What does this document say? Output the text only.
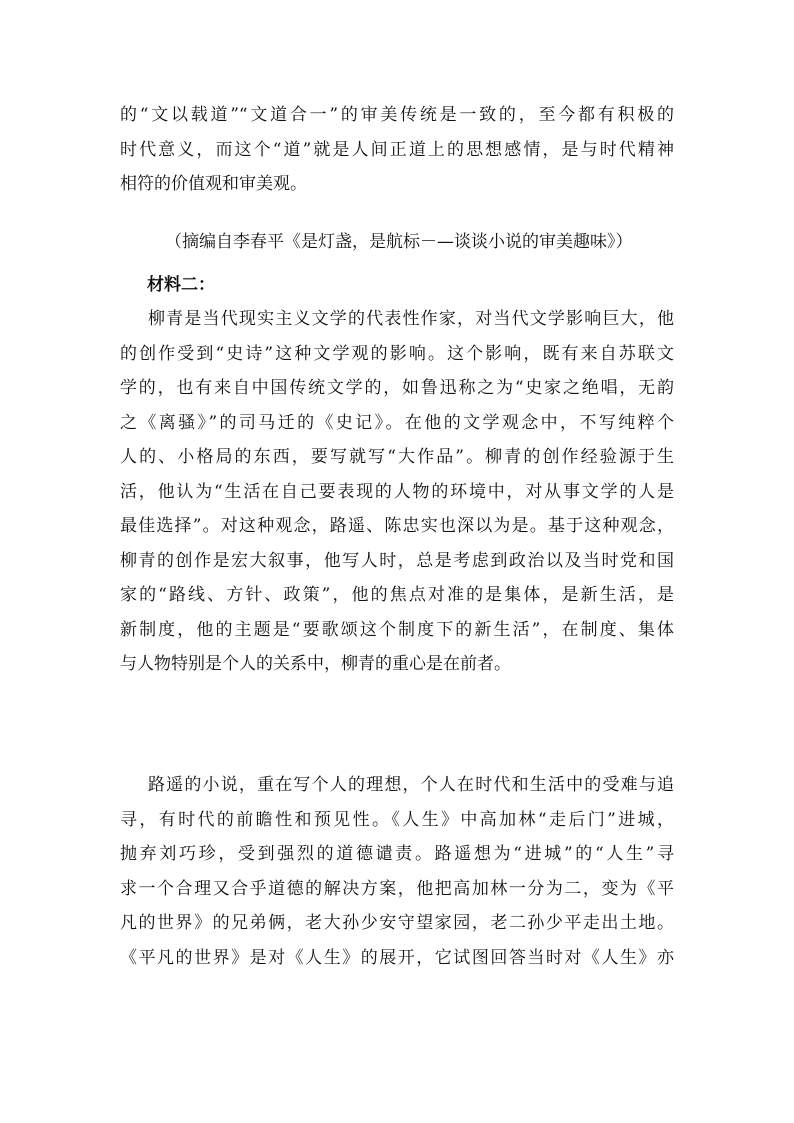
的“文以载道”“文道合一”的审美传统是一致的，至今都有积极的
时代意义，而这个“道”就是人间正道上的思想感情，是与时代精神
相符的价值观和审美观。
（摘编自李春平《是灯盏，是航标－—谈谈小说的审美趣味》）
材料二：
柳青是当代现实主义文学的代表性作家，对当代文学影响巨大，他
的创作受到“史诗”这种文学观的影响。这个影响，既有来自苏联文
学的，也有来自中国传统文学的，如鲁迅称之为“史家之绝唱，无韵
之《离骚》”的司马迁的《史记》。在他的文学观念中，不写纯粹个
人的、小格局的东西，要写就写“大作品”。柳青的创作经验源于生
活，他认为“生活在自己要表现的人物的环境中，对从事文学的人是
最佳选择”。对这种观念，路遥、陈忠实也深以为是。基于这种观念，
柳青的创作是宏大叙事，他写人时，总是考虑到政治以及当时党和国
家的“路线、方针、政策”，他的焦点对准的是集体，是新生活，是
新制度，他的主题是“要歌颂这个制度下的新生活”，在制度、集体
与人物特别是个人的关系中，柳青的重心是在前者。
路遥的小说，重在写个人的理想，个人在时代和生活中的受难与追
寻，有时代的前瞻性和预见性。《人生》中高加林“走后门”进城，
抛弃刘巧珍，受到强烈的道德谴责。路遥想为“进城”的“人生”寻
求一个合理又合乎道德的解决方案，他把高加林一分为二，变为《平
凡的世界》的兄弟俩，老大孙少安守望家园，老二孙少平走出土地。
《平凡的世界》是对《人生》的展开，它试图回答当时对《人生》亦
